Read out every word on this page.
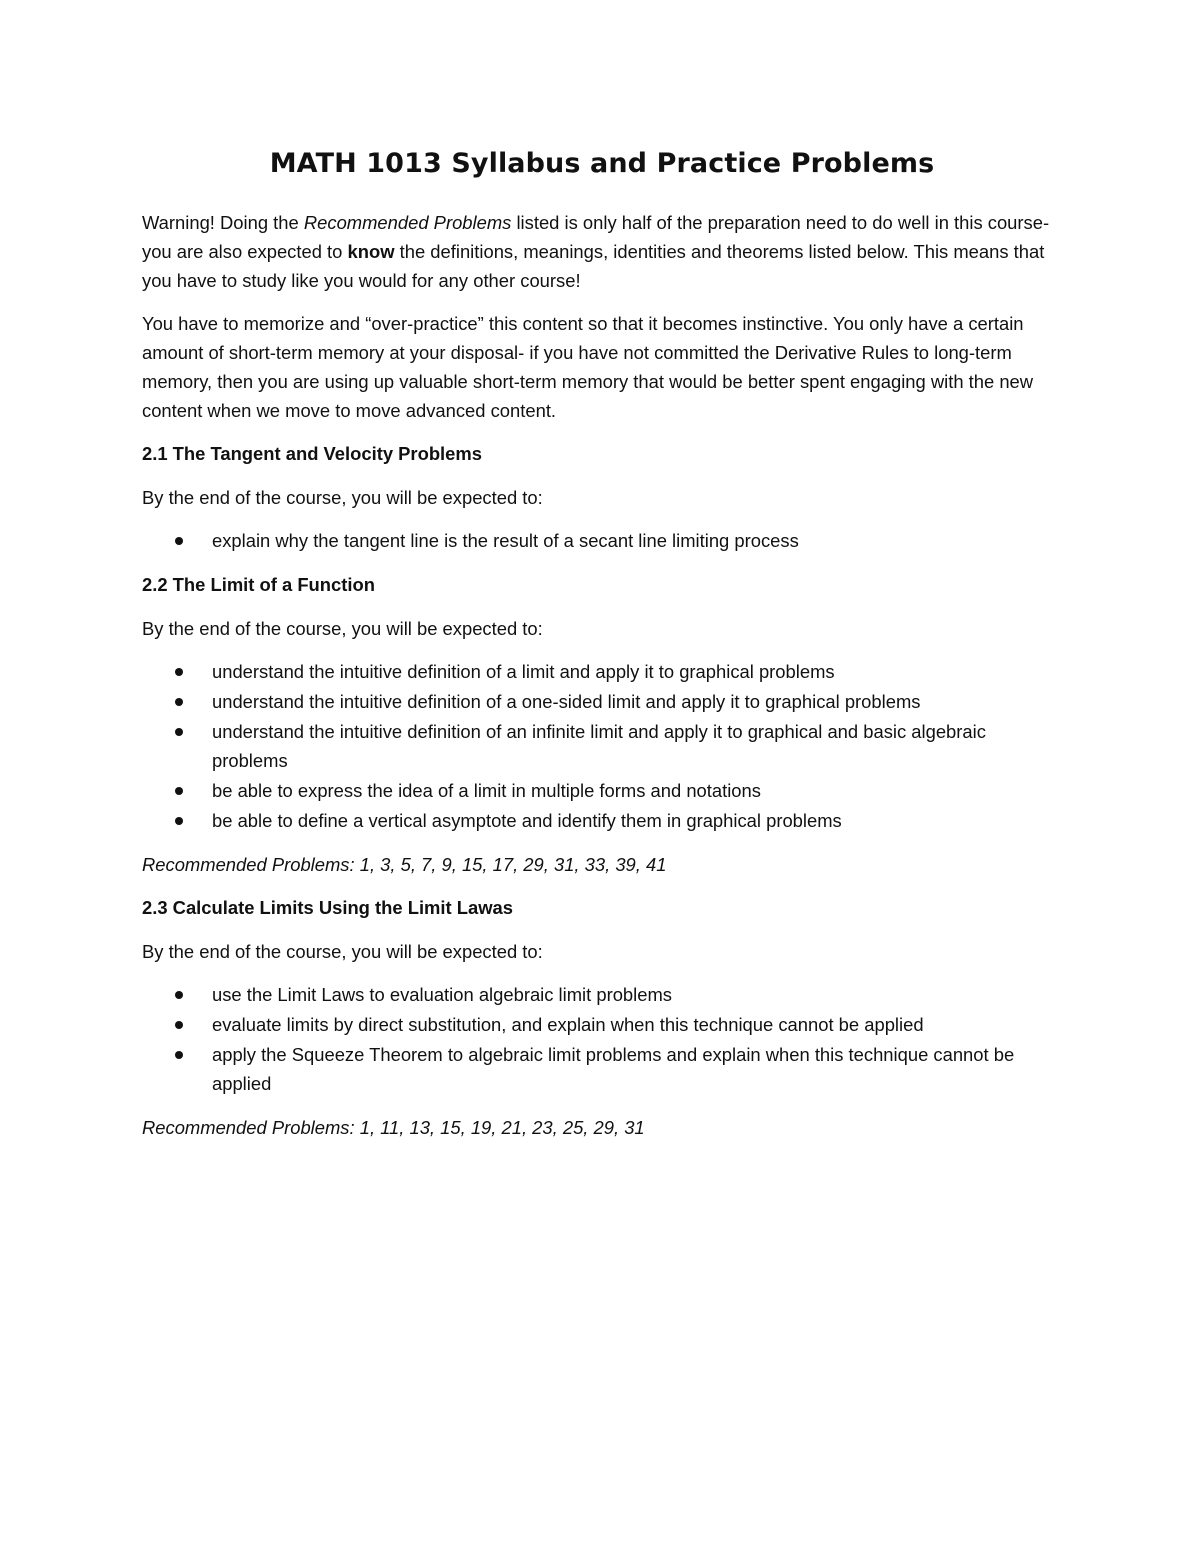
MATH 1013 Syllabus and Practice Problems

Warning! Doing the Recommended Problems listed is only half of the preparation need to do well in this course- you are also expected to know the definitions, meanings, identities and theorems listed below. This means that you have to study like you would for any other course!

You have to memorize and “over-practice” this content so that it becomes instinctive. You only have a certain amount of short-term memory at your disposal- if you have not committed the Derivative Rules to long-term memory, then you are using up valuable short-term memory that would be better spent engaging with the new content when we move to move advanced content.

2.1 The Tangent and Velocity Problems

By the end of the course, you will be expected to:

explain why the tangent line is the result of a secant line limiting process
2.2 The Limit of a Function

By the end of the course, you will be expected to:

understand the intuitive definition of a limit and apply it to graphical problems
understand the intuitive definition of a one-sided limit and apply it to graphical problems
understand the intuitive definition of an infinite limit and apply it to graphical and basic algebraic problems
be able to express the idea of a limit in multiple forms and notations
be able to define a vertical asymptote and identify them in graphical problems

Recommended Problems: 1, 3, 5, 7, 9, 15, 17, 29, 31, 33, 39, 41

2.3 Calculate Limits Using the Limit Lawas

By the end of the course, you will be expected to:

use the Limit Laws to evaluation algebraic limit problems
evaluate limits by direct substitution, and explain when this technique cannot be applied
apply the Squeeze Theorem to algebraic limit problems and explain when this technique cannot be applied

Recommended Problems: 1, 11, 13, 15, 19, 21, 23, 25, 29, 31
